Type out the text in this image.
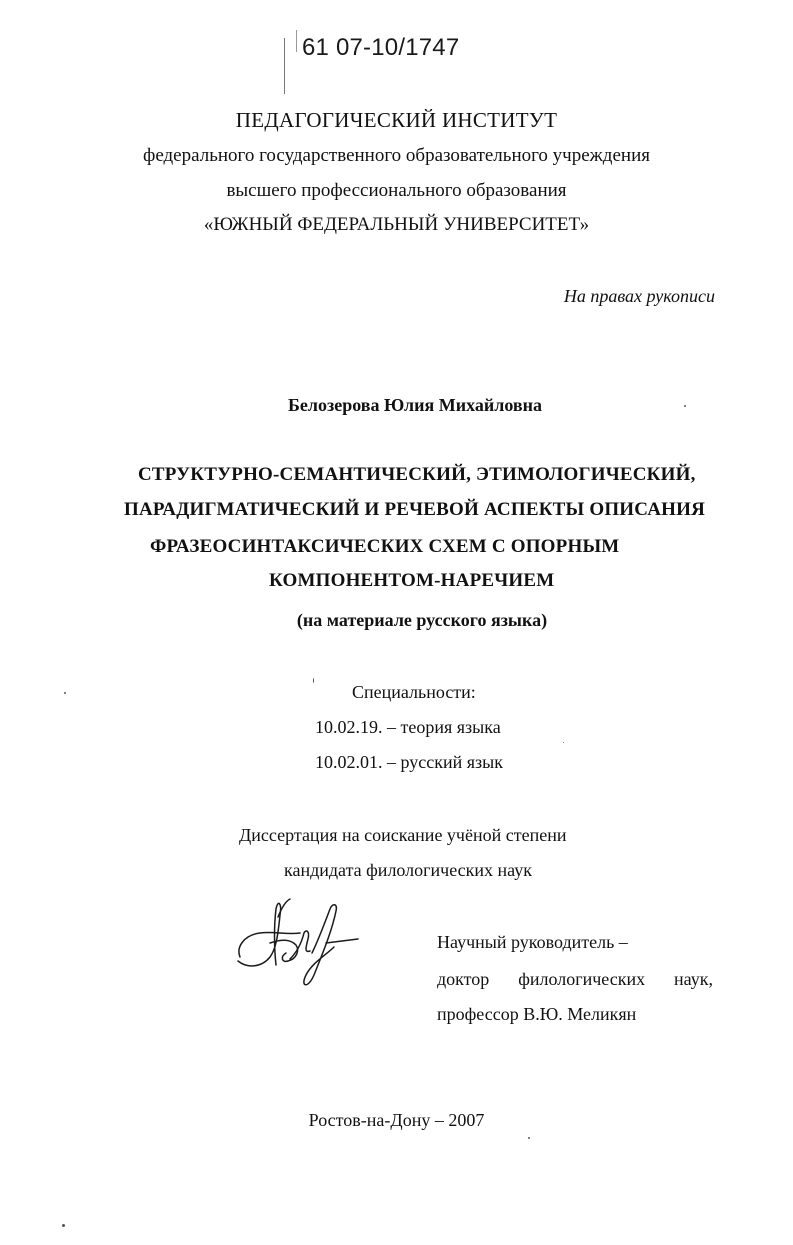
61 07-10/1747
ПЕДАГОГИЧЕСКИЙ ИНСТИТУТ
федерального государственного образовательного учреждения
высшего профессионального образования
«ЮЖНЫЙ ФЕДЕРАЛЬНЫЙ УНИВЕРСИТЕТ»
На правах рукописи
Белозерова Юлия Михайловна
СТРУКТУРНО-СЕМАНТИЧЕСКИЙ, ЭТИМОЛОГИЧЕСКИЙ,
ПАРАДИГМАТИЧЕСКИЙ И РЕЧЕВОЙ АСПЕКТЫ ОПИСАНИЯ
ФРАЗЕОСИНТАКСИЧЕСКИХ СХЕМ С ОПОРНЫМ
КОМПОНЕНТОМ-НАРЕЧИЕМ
(на материале русского языка)
Специальности:
10.02.19. – теория языка
10.02.01. – русский язык
Диссертация на соискание учёной степени
кандидата филологических наук
Научный руководитель –
доктор филологических наук,
профессор В.Ю. Меликян
Ростов-на-Дону – 2007
